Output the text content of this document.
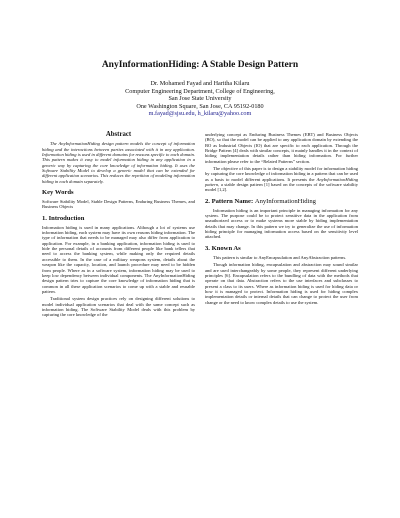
AnyInformationHiding: A Stable Design Pattern
Dr. Mohamed Fayad and Haritha Kilaru
Computer Engineering Department, College of Engineering,
San Jose State University
One Washington Square, San Jose, CA 95192-0180
m.fayad@sjsu.edu, h_kilaru@yahoo.com
Abstract

The AnyInformationHiding design pattern models the concept of information hiding and the interactions between parties associated with it in any application. Information hiding is used in different domains for reasons specific to each domain. This pattern makes it easy to model information hiding in any application in a generic way by capturing the core knowledge of information hiding. It uses the Software Stability Model to develop a generic model that can be extended for different application scenarios. This reduces the repetition of modeling information hiding in each domain separately.

Key Words

Software Stability Model, Stable Design Patterns, Enduring Business Themes, and Business Objects

1. Introduction

Information hiding is used in many applications. Although a lot of systems use information hiding, each system may have its own reasons hiding information. The type of information that needs to be managed may also differ from application to application. For example, in a banking application, information hiding is used to hide the personal details of accounts from different people like bank tellers that need to access the banking system, while making only the required details accessible to them. In the case of a military weapons system, details about the weapon like the capacity, location, and launch procedure may need to be hidden from people. Where as in a software system, information hiding may be used to keep low dependency between individual components. The AnyInformationHiding design pattern tries to capture the core knowledge of information hiding that is common in all these application scenarios to come up with a stable and reusable pattern.

Traditional system design practices rely on designing different solutions to model individual application scenarios that deal with the same concept such as information hiding. The Software Stability Model deals with this problem by capturing the core knowledge of the

underlying concept as Enduring Business Themes (EBT) and Business Objects (BO), so that the model can be applied to any application domain by extending the BO as Industrial Objects (IO) that are specific to each application. Through the Bridge Pattern [4] deals with similar concepts, it mainly handles it in the context of hiding implementation details rather than hiding information. For further information please refer to the “Related Patterns” section.

The objective of this paper is to design a stability model for information hiding by capturing the core knowledge of information hiding in a pattern that can be used as a basis to model different applications. It presents the AnyInformationHiding pattern, a stable design pattern [1] based on the concepts of the software stability model [1,2].

2. Pattern Name: AnyInformationHiding

Information hiding is an important principle in managing information for any system. The purpose could be to protect sensitive data in the application from unauthorized access or to make systems more stable by hiding implementation details that may change. In this pattern we try to generalize the use of information hiding principle for managing information access based on the sensitivity level attached.

3. Known As

This pattern is similar to AnyEncapsulation and AnyAbstraction patterns.

Though information hiding, encapsulation and abstraction may sound similar and are used interchangeably by some people, they represent different underlying principles [6]. Encapsulation refers to the bundling of data with the methods that operate on that data. Abstraction refers to the use interfaces and subclasses to present a class to its users. Where as information hiding is used for hiding data or how it is managed to protect. Information hiding is used for hiding complex implementation details or internal details that can change to protect the user from change or the need to know complex details to use the system.
